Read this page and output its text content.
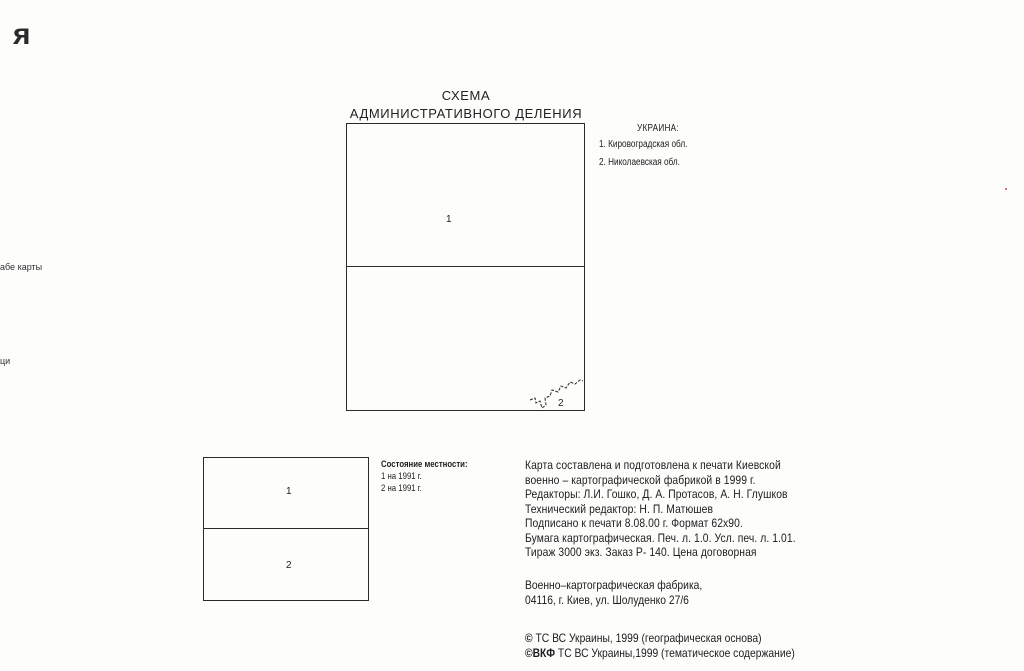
я
абе карты
ци
СХЕМА
АДМИНИСТРАТИВНОГО ДЕЛЕНИЯ
1
2
УКРАИНА:
1. Кировоградская обл.
2. Николаевская обл.
1
2
Состояние местности:
1 на 1991 г.
2 на 1991 г.
Карта составлена и подготовлена к печати Киевской
военно – картографической фабрикой в 1999 г.
Редакторы: Л.И. Гошко, Д. А. Протасов, А. Н. Глушков
Технический редактор: Н. П. Матюшев
Подписано к печати 8.08.00 г. Формат 62х90.
Бумага картографическая. Печ. л. 1.0. Усл. печ. л. 1.01.
Тираж 3000 экз. Заказ Р- 140. Цена договорная
Военно–картографическая фабрика,
04116, г. Киев, ул. Шолуденко 27/6
© ТС ВС Украины, 1999 (географическая основа)
©ВКФ ТС ВС Украины,1999 (тематическое содержание)
